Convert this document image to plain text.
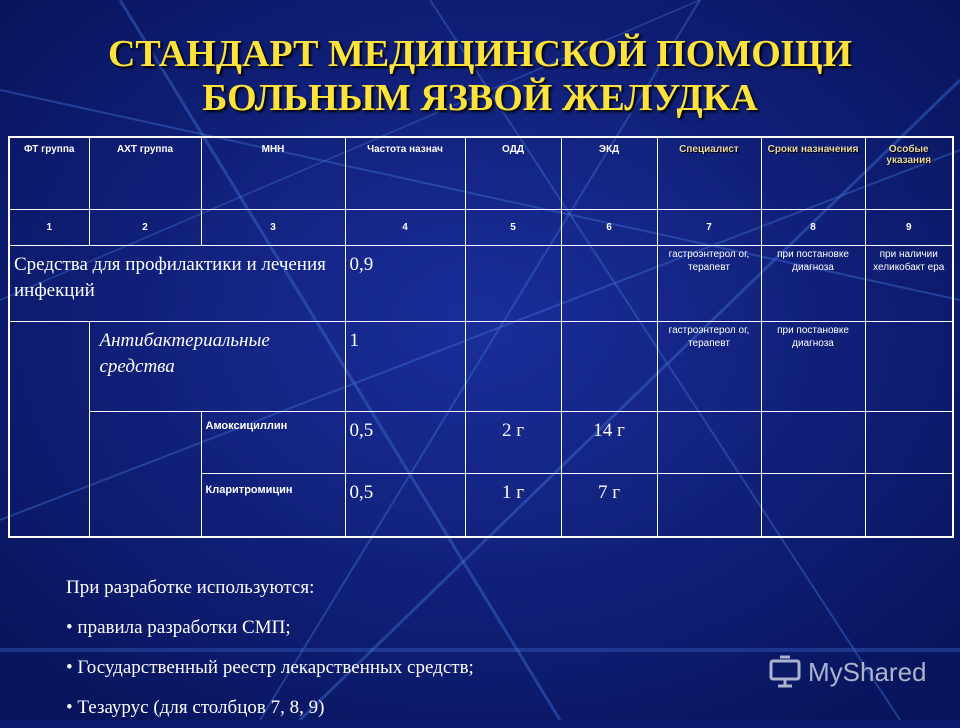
СТАНДАРТ МЕДИЦИНСКОЙ ПОМОЩИ
БОЛЬНЫМ ЯЗВОЙ ЖЕЛУДКА
ФТ группа	АХТ группа	МНН	Частота назнач	ОДД	ЭКД	Специалист	Сроки назначения	Особые указания
1	2	3	4	5	6	7	8	9
Средства для профилактики и лечения инфекций			0,9			гастроэнтерол ог, терапевт	при постановке диагноза	при наличии хеликобакт ера
	Антибактериальные средства		1			гастроэнтерол ог, терапевт	при постановке диагноза	
		Амоксициллин	0,5	2 г	14 г			
		Кларитромицин	0,5	1 г	7 г			
При разработке используются:
• правила разработки СМП;
• Государственный реестр лекарственных средств;
• Тезаурус (для столбцов 7, 8, 9)
MyShared
